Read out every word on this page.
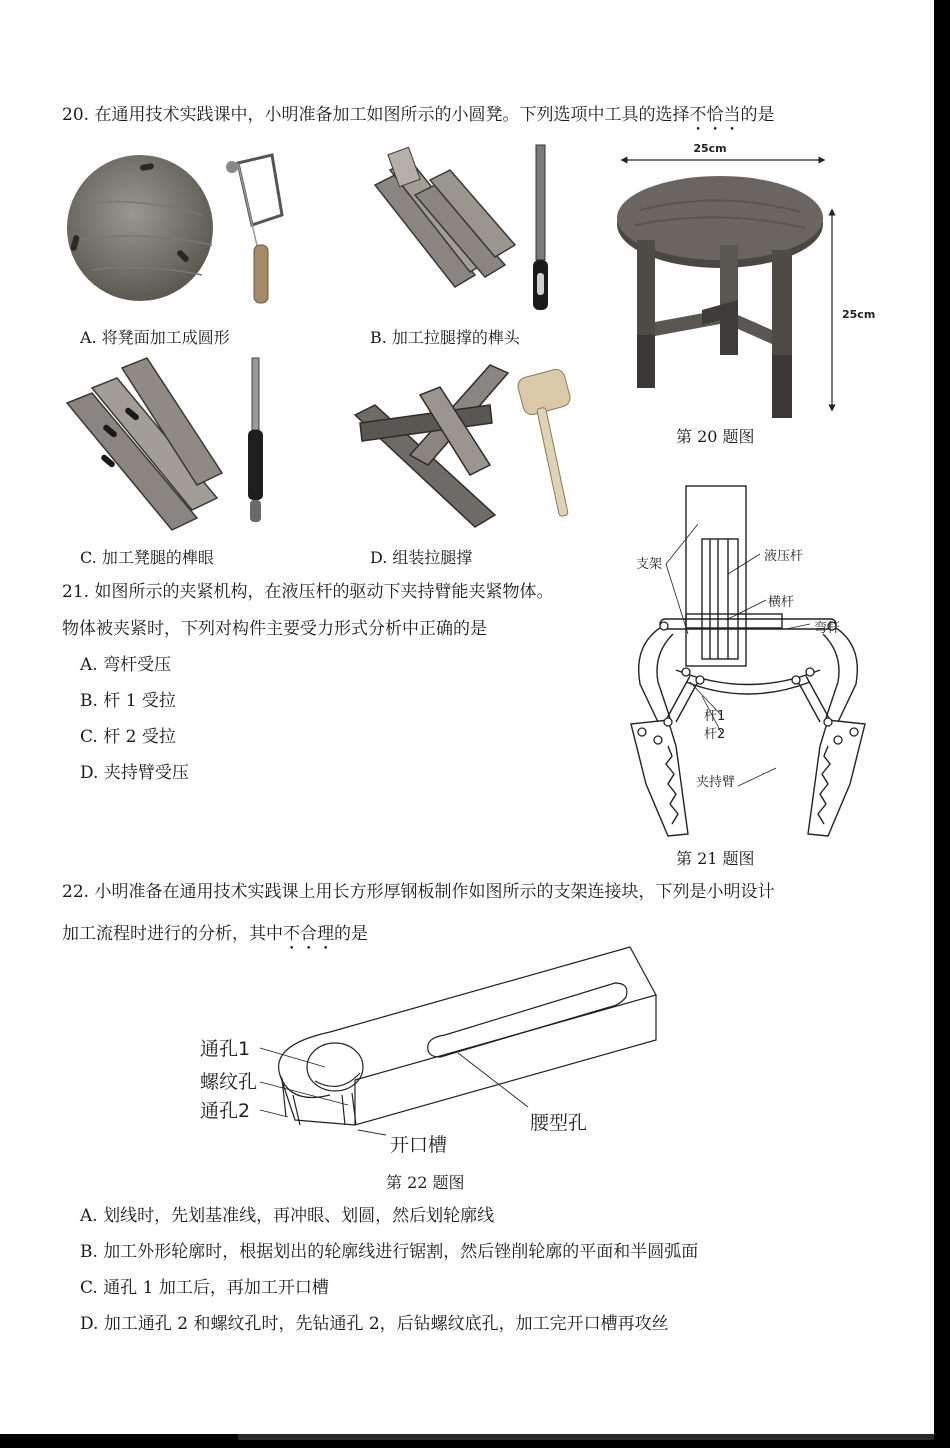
20. 在通用技术实践课中，小明准备加工如图所示的小圆凳。下列选项中工具的选择不恰当的是
A. 将凳面加工成圆形	B. 加工拉腿撑的榫头
25cm
25cm
第 20 题图
C. 加工凳腿的榫眼	D. 组装拉腿撑
21. 如图所示的夹紧机构，在液压杆的驱动下夹持臂能夹紧物体。
物体被夹紧时，下列对构件主要受力形式分析中正确的是
A. 弯杆受压
B. 杆 1 受拉
C. 杆 2 受拉
D. 夹持臂受压
支架
液压杆
横杆
弯杆
杆1
杆2
夹持臂
第 21 题图
22. 小明准备在通用技术实践课上用长方形厚钢板制作如图所示的支架连接块，下列是小明设计
加工流程时进行的分析，其中不合理的是
通孔1
螺纹孔
通孔2
开口槽
腰型孔
第 22 题图
A. 划线时，先划基准线，再冲眼、划圆，然后划轮廓线
B. 加工外形轮廓时，根据划出的轮廓线进行锯割，然后锉削轮廓的平面和半圆弧面
C. 通孔 1 加工后，再加工开口槽
D. 加工通孔 2 和螺纹孔时，先钻通孔 2，后钻螺纹底孔，加工完开口槽再攻丝
